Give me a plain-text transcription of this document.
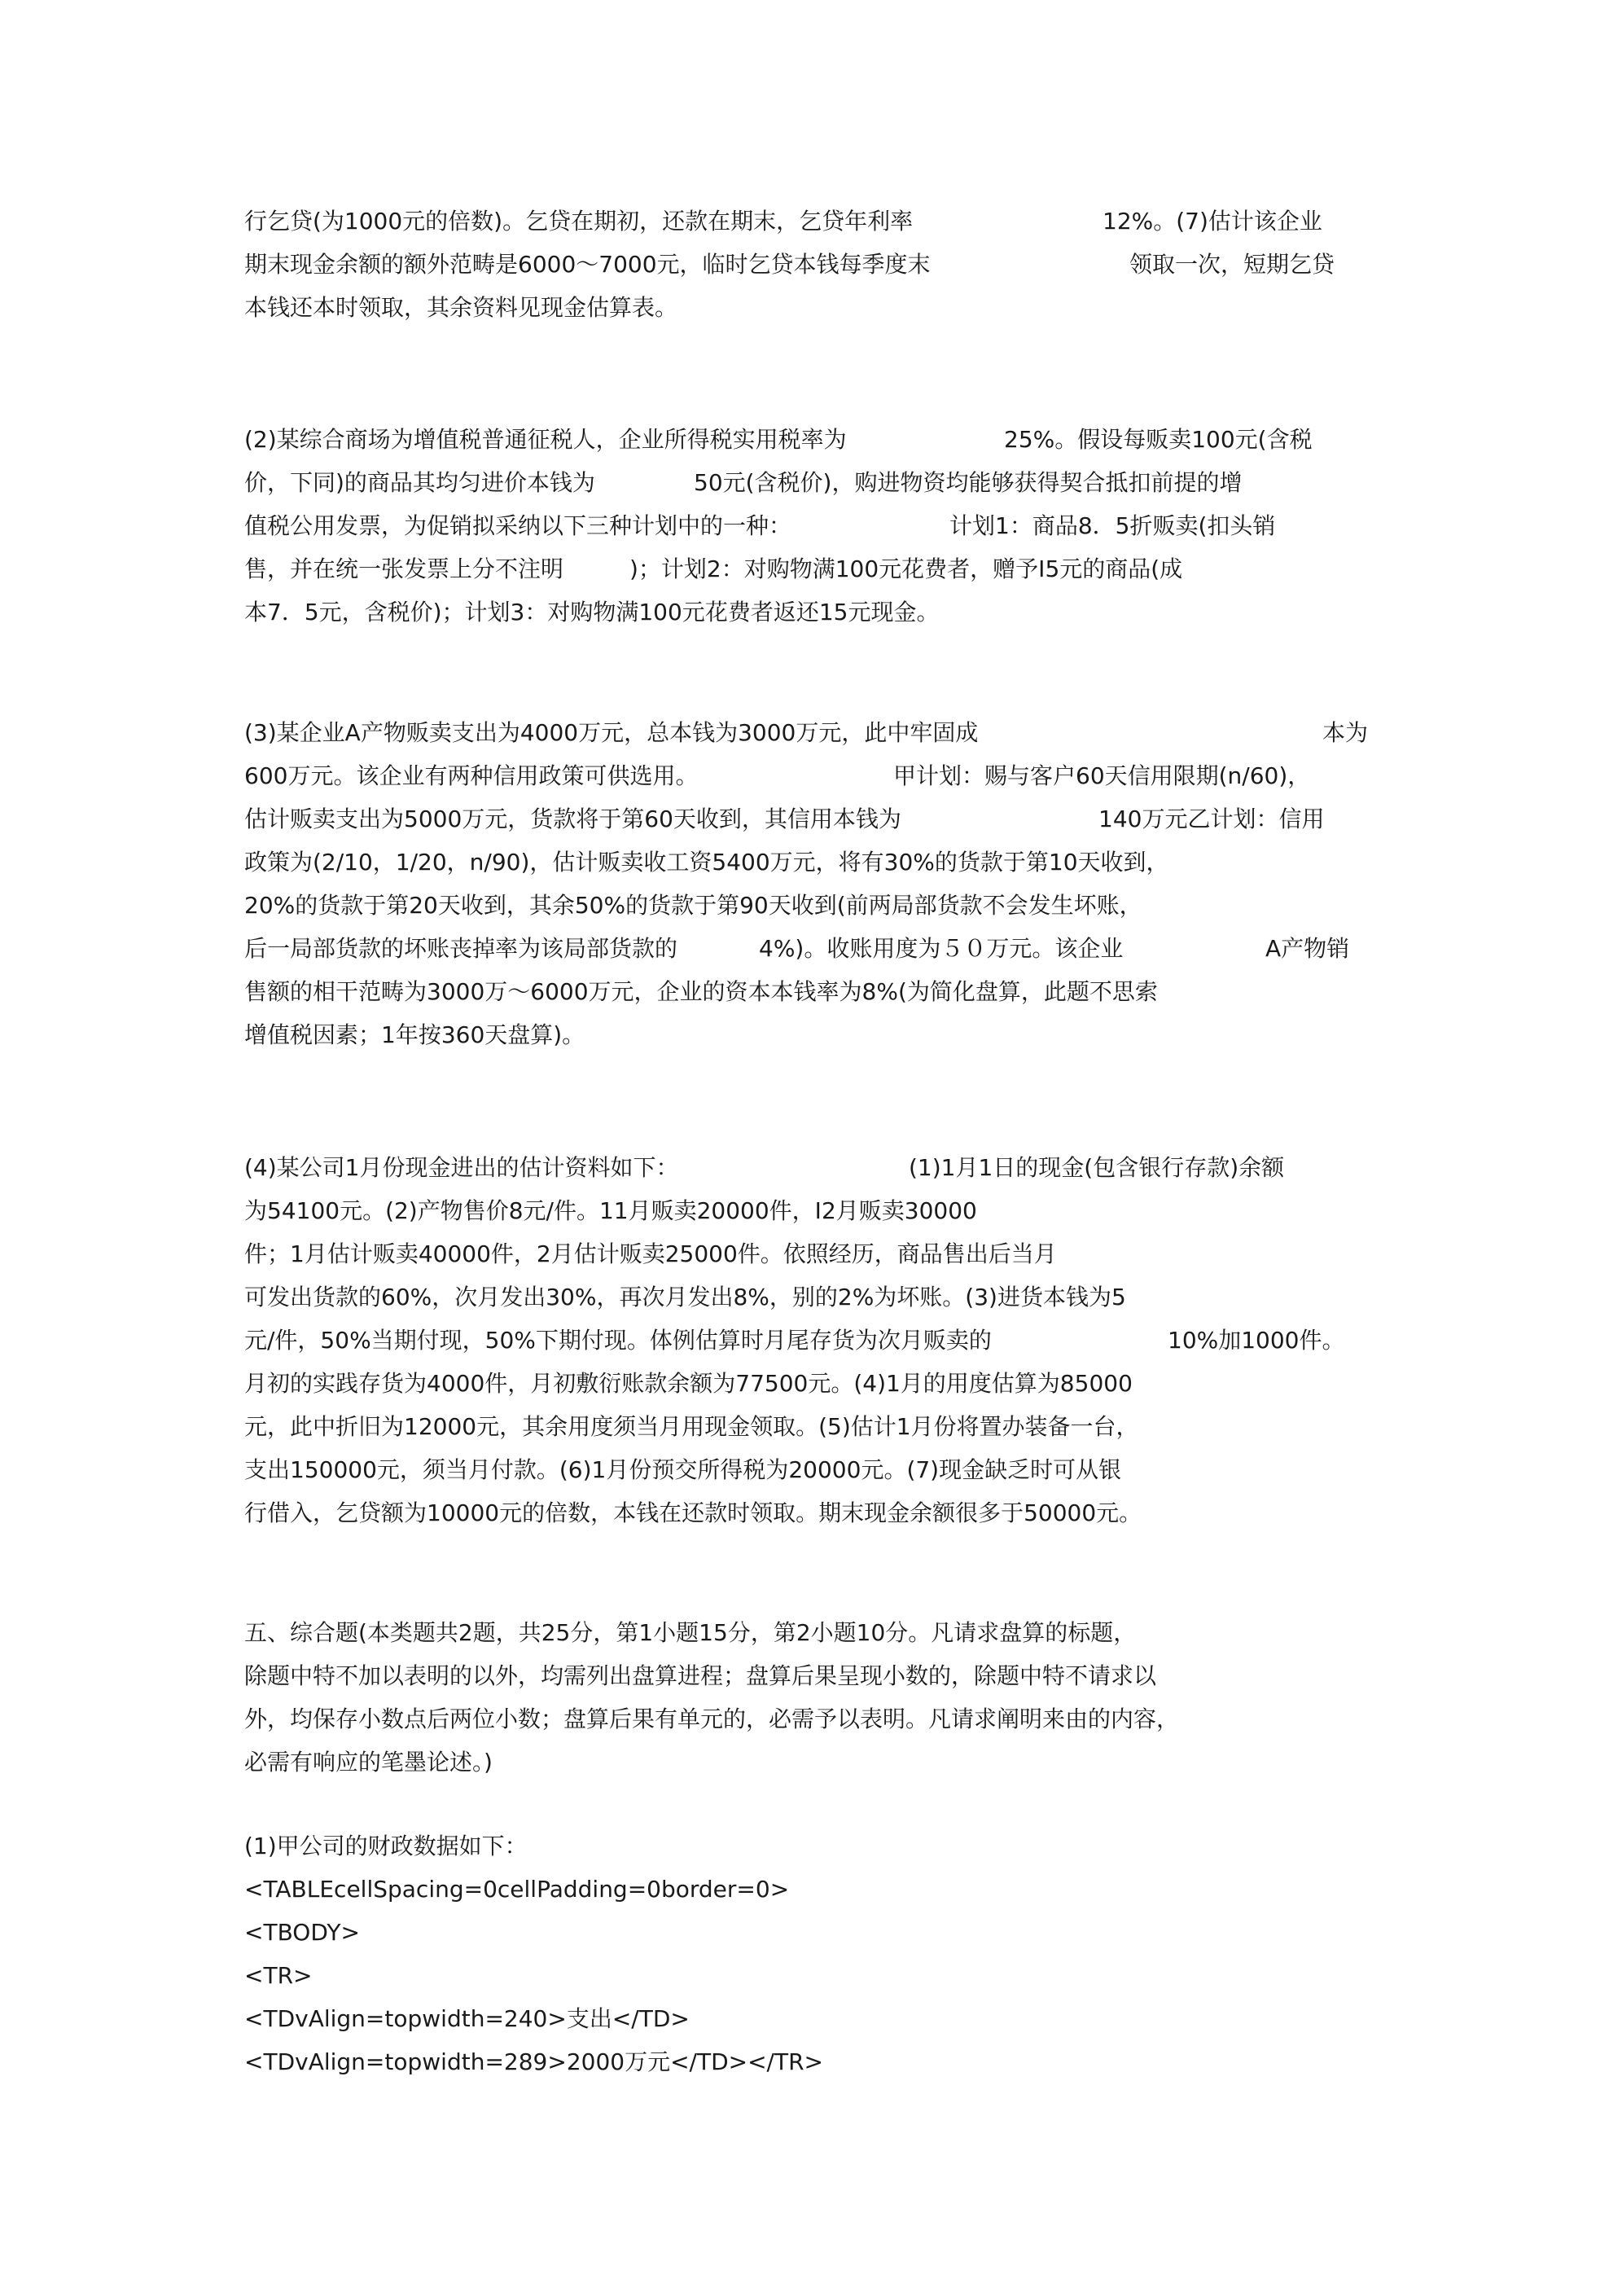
行乞贷(为1000元的倍数)。乞贷在期初，还款在期末，乞贷年利率	12%。(7)估计该企业
期末现金余额的额外范畴是6000～7000元，临时乞贷本钱每季度末	领取一次，短期乞贷
本钱还本时领取，其余资料见现金估算表。
(2)某综合商场为增值税普通征税人，企业所得税实用税率为	25%。假设每贩卖100元(含税
价，下同)的商品其均匀进价本钱为	50元(含税价)，购进物资均能够获得契合抵扣前提的增
值税公用发票，为促销拟采纳以下三种计划中的一种：	计划1：商品8．5折贩卖(扣头销
售，并在统一张发票上分不注明	)；计划2：对购物满100元花费者，赠予I5元的商品(成
本7．5元，含税价)；计划3：对购物满100元花费者返还15元现金。
(3)某企业A产物贩卖支出为4000万元，总本钱为3000万元，此中牢固成	本为
600万元。该企业有两种信用政策可供选用。	甲计划：赐与客户60天信用限期(n/60)，
估计贩卖支出为5000万元，货款将于第60天收到，其信用本钱为	140万元乙计划：信用
政策为(2/10，1/20，n/90)，估计贩卖收工资5400万元，将有30%的货款于第10天收到，
20%的货款于第20天收到，其余50%的货款于第90天收到(前两局部货款不会发生坏账，
后一局部货款的坏账丧掉率为该局部货款的	4%)。收账用度为５０万元。该企业	A产物销
售额的相干范畴为3000万～6000万元，企业的资本本钱率为8%(为简化盘算，此题不思索
增值税因素；1年按360天盘算)。
(4)某公司1月份现金进出的估计资料如下：	(1)1月1日的现金(包含银行存款)余额
为54100元。(2)产物售价8元/件。11月贩卖20000件，I2月贩卖30000
件；1月估计贩卖40000件，2月估计贩卖25000件。依照经历，商品售出后当月
可发出货款的60%，次月发出30%，再次月发出8%，别的2%为坏账。(3)进货本钱为5
元/件，50%当期付现，50%下期付现。体例估算时月尾存货为次月贩卖的	10%加1000件。
月初的实践存货为4000件，月初敷衍账款余额为77500元。(4)1月的用度估算为85000
元，此中折旧为12000元，其余用度须当月用现金领取。(5)估计1月份将置办装备一台，
支出150000元，须当月付款。(6)1月份预交所得税为20000元。(7)现金缺乏时可从银
行借入，乞贷额为10000元的倍数，本钱在还款时领取。期末现金余额很多于50000元。
五、综合题(本类题共2题，共25分，第1小题15分，第2小题10分。凡请求盘算的标题，
除题中特不加以表明的以外，均需列出盘算进程；盘算后果呈现小数的，除题中特不请求以
外，均保存小数点后两位小数；盘算后果有单元的，必需予以表明。凡请求阐明来由的内容，
必需有响应的笔墨论述。)
(1)甲公司的财政数据如下：
<TABLEcellSpacing=0cellPadding=0border=0>
<TBODY>
<TR>
<TDvAlign=topwidth=240>支出</TD>
<TDvAlign=topwidth=289>2000万元</TD></TR>
